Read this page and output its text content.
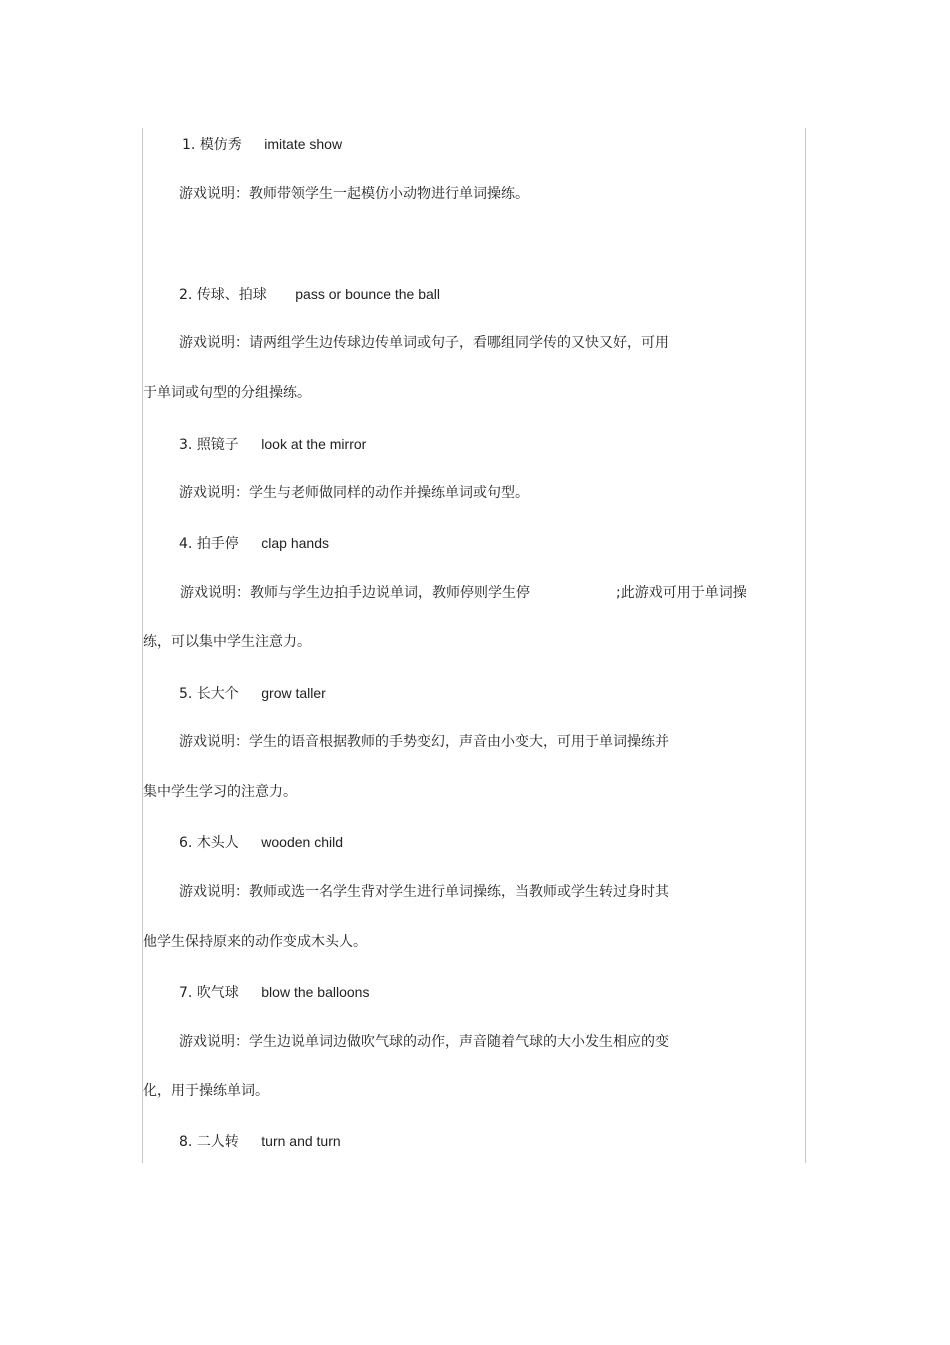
1. 模仿秀 imitate show
游戏说明：教师带领学生一起模仿小动物进行单词操练。
2. 传球、拍球 pass or bounce the ball
游戏说明：请两组学生边传球边传单词或句子，看哪组同学传的又快又好，可用
于单词或句型的分组操练。
3. 照镜子 look at the mirror
游戏说明：学生与老师做同样的动作并操练单词或句型。
4. 拍手停 clap hands
游戏说明：教师与学生边拍手边说单词，教师停则学生停	;此游戏可用于单词操
练，可以集中学生注意力。
5. 长大个 grow taller
游戏说明：学生的语音根据教师的手势变幻，声音由小变大，可用于单词操练并
集中学生学习的注意力。
6. 木头人 wooden child
游戏说明：教师或选一名学生背对学生进行单词操练，当教师或学生转过身时其
他学生保持原来的动作变成木头人。
7. 吹气球 blow the balloons
游戏说明：学生边说单词边做吹气球的动作，声音随着气球的大小发生相应的变
化，用于操练单词。
8. 二人转 turn and turn
